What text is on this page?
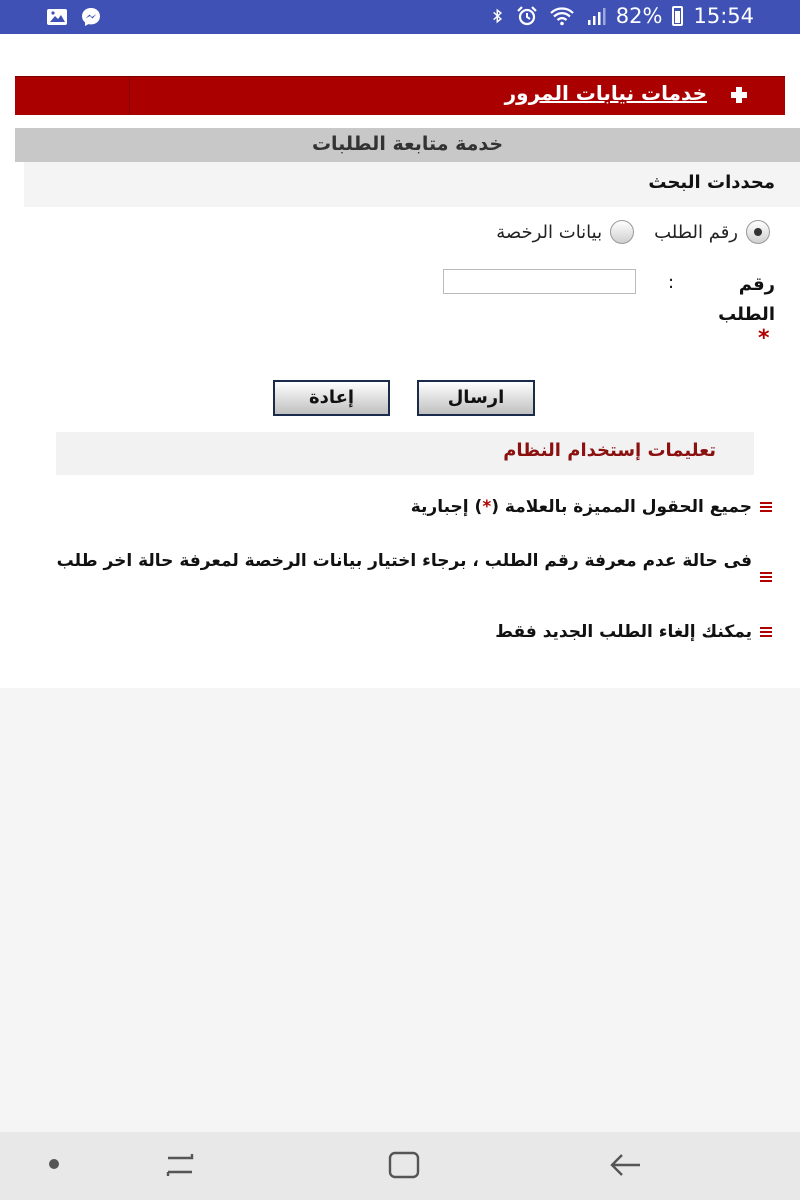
82% 15:54
خدمات نيابات المرور
خدمة متابعة الطلبات
محددات البحث
رقم الطلب
بيانات الرخصة
رقم الطلب
:
*
ارسال
إعادة
تعليمات إستخدام النظام
جميع الحقول المميزة بالعلامة (*) إجبارية
فى حالة عدم معرفة رقم الطلب ، برجاء اختيار بيانات الرخصة لمعرفة حالة اخر طلب
يمكنك إلغاء الطلب الجديد فقط
